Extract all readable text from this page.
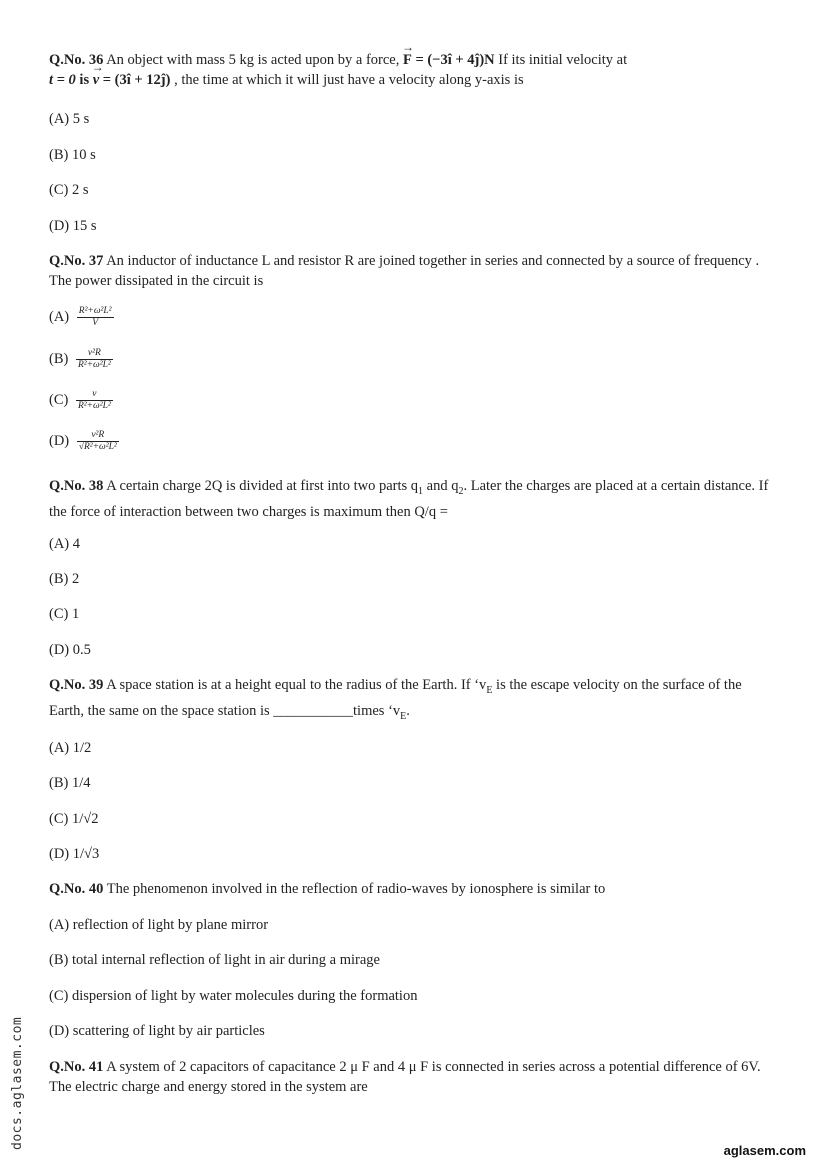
Q.No. 36 An object with mass 5 kg is acted upon by a force, → F = (−3î + 4ĵ)N If its initial velocity at
t = 0 is → v = (3î + 12ĵ) , the time at which it will just have a velocity along y-axis is
(A) 5 s
(B) 10 s
(C) 2 s
(D) 15 s
Q.No. 37 An inductor of inductance L and resistor R are joined together in series and connected by a source of frequency . The power dissipated in the circuit is
$(A) \frac{\text{R²+ω²L²}}{V}$
$(B) \frac{\text{v²R}}{\text{R²+ω²L²}}$
$(C) \frac{v}{\text{R²+ω²L²}}$
$(D) \frac{\text{v²R}}{\text{√R²+ω²L²}}$
Q.No. 38 A certain charge 2Q is divided at first into two parts $q_1$ and $q_2$. Later the charges are placed at a certain distance. If the force of interaction between two charges is maximum then Q/q =
(A) 4
(B) 2
(C) 1
(D) 0.5
Q.No. 39 A space station is at a height equal to the radius of the Earth. If ‘$v_E$ is the escape velocity on the surface of the Earth, the same on the space station is ___________times ‘$v_E$.
(A) 1/2
(B) 1/4
(C) 1/√2
(D) 1/√3
Q.No. 40 The phenomenon involved in the reflection of radio-waves by ionosphere is similar to
(A) reflection of light by plane mirror
(B) total internal reflection of light in air during a mirage
(C) dispersion of light by water molecules during the formation
(D) scattering of light by air particles
Q.No. 41 A system of 2 capacitors of capacitance 2 μ F and 4 μ F is connected in series across a potential difference of 6V. The electric charge and energy stored in the system are
docs.aglasem.com
aglasem.com
